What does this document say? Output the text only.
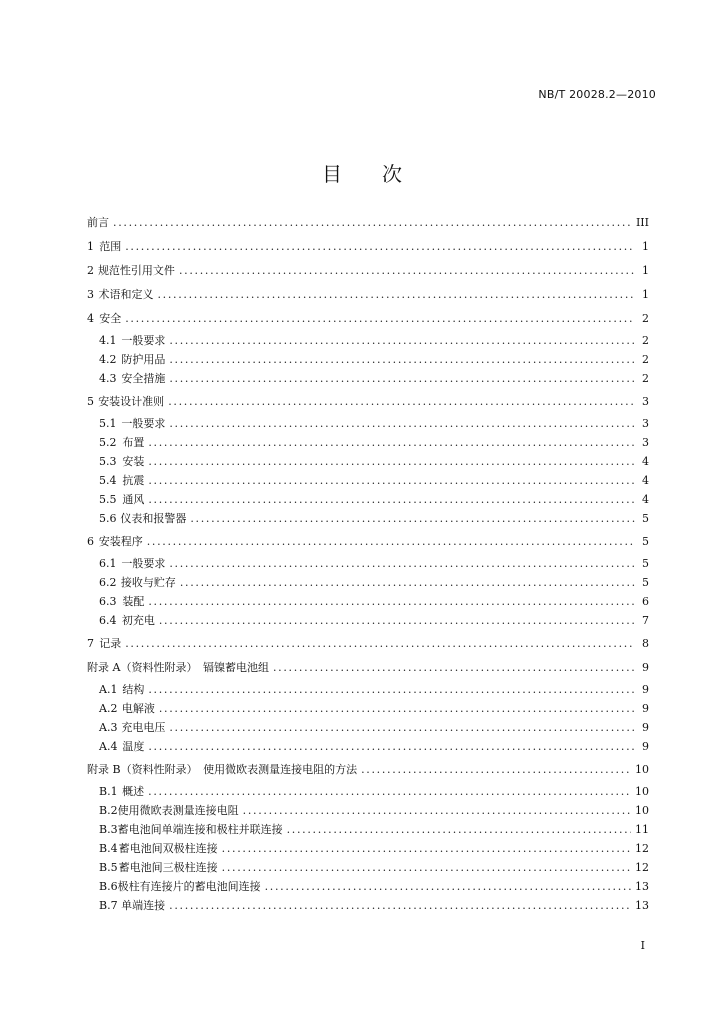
NB/T 20028.2—2010
目　　次
前言 . . .	III
1 范围 . . .	1
2 规范性引用文件 . . .	1
3 术语和定义 . . .	1
4 安全 . . .	2
4.1 一般要求 . . .	2
4.2 防护用品 . . .	2
4.3 安全措施 . . .	2
5 安装设计准则 . . .	3
5.1 一般要求 . . .	3
5.2 布置 . . .	3
5.3 安装 . . .	4
5.4 抗震 . . .	4
5.5 通风 . . .	4
5.6 仪表和报警器 . . .	5
6 安装程序 . . .	5
6.1 一般要求 . . .	5
6.2 接收与贮存 . . .	5
6.3 装配 . . .	6
6.4 初充电 . . .	7
7 记录 . . .	8
附录 A（资料性附录）　镉镍蓄电池组 . . .	9
A.1 结构 . . .	9
A.2 电解液 . . .	9
A.3 充电电压 . . .	9
A.4 温度 . . .	9
附录 B（资料性附录）　使用微欧表测量连接电阻的方法 . . .	10
B.1 概述 . . .	10
B.2 使用微欧表测量连接电阻 . . .	10
B.3 蓄电池间单端连接和极柱并联连接 . . .	11
B.4 蓄电池间双极柱连接 . . .	12
B.5 蓄电池间三极柱连接 . . .	12
B.6 极柱有连接片的蓄电池间连接 . . .	13
B.7 单端连接 . . .	13
I
